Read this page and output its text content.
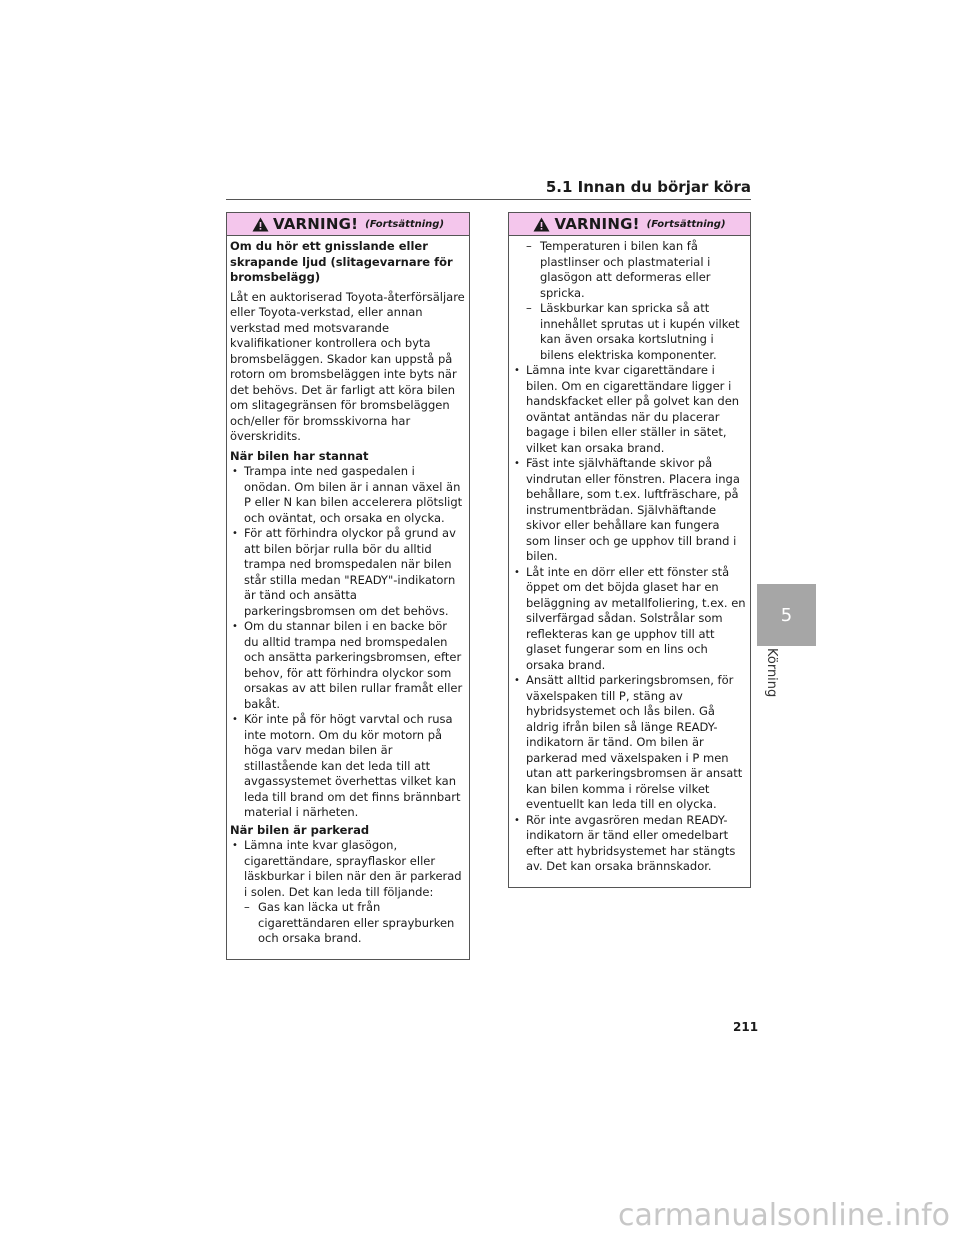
5.1 Innan du börjar köra
VARNING! (Fortsättning)

Om du hör ett gnisslande eller skrapande ljud (slitagevarnare för bromsbelägg)

Låt en auktoriserad Toyota-återförsäljare eller Toyota-verkstad, eller annan verkstad med motsvarande kvalifikationer kontrollera och byta bromsbeläggen. Skador kan uppstå på rotorn om bromsbeläggen inte byts när det behövs. Det är farligt att köra bilen om slitagegränsen för bromsbeläggen och/eller för bromsskivorna har överskridits.

När bilen har stannat
• Trampa inte ned gaspedalen i onödan. Om bilen är i annan växel än P eller N kan bilen accelerera plötsligt och oväntat, och orsaka en olycka.
• För att förhindra olyckor på grund av att bilen börjar rulla bör du alltid trampa ned bromspedalen när bilen står stilla medan "READY"-indikatorn är tänd och ansätta parkeringsbromsen om det behövs.
• Om du stannar bilen i en backe bör du alltid trampa ned bromspedalen och ansätta parkeringsbromsen, efter behov, för att förhindra olyckor som orsakas av att bilen rullar framåt eller bakåt.
• Kör inte på för högt varvtal och rusa inte motorn. Om du kör motorn på höga varv medan bilen är stillastående kan det leda till att avgassystemet överhettas vilket kan leda till brand om det finns brännbart material i närheten.
När bilen är parkerad
• Lämna inte kvar glasögon, cigarettändare, sprayflaskor eller läskburkar i bilen när den är parkerad i solen. Det kan leda till följande:
– Gas kan läcka ut från cigarettändaren eller sprayburken och orsaka brand.
VARNING! (Fortsättning)
– Temperaturen i bilen kan få plastlinser och plastmaterial i glasögon att deformeras eller spricka.
– Läskburkar kan spricka så att innehållet sprutas ut i kupén vilket kan även orsaka kortslutning i bilens elektriska komponenter.
• Lämna inte kvar cigarettändare i bilen. Om en cigarettändare ligger i handskfacket eller på golvet kan den oväntat antändas när du placerar bagage i bilen eller ställer in sätet, vilket kan orsaka brand.
• Fäst inte självhäftande skivor på vindrutan eller fönstren. Placera inga behållare, som t.ex. luftfräschare, på instrumentbrädan. Självhäftande skivor eller behållare kan fungera som linser och ge upphov till brand i bilen.
• Låt inte en dörr eller ett fönster stå öppet om det böjda glaset har en beläggning av metallfoliering, t.ex. en silverfärgad sådan. Solstrålar som reflekteras kan ge upphov till att glaset fungerar som en lins och orsaka brand.
• Ansätt alltid parkeringsbromsen, för växelspaken till P, stäng av hybridsystemet och lås bilen. Gå aldrig ifrån bilen så länge READY-indikatorn är tänd. Om bilen är parkerad med växelspaken i P men utan att parkeringsbromsen är ansatt kan bilen komma i rörelse vilket eventuellt kan leda till en olycka.
• Rör inte avgasrören medan READY-indikatorn är tänd eller omedelbart efter att hybridsystemet har stängts av. Det kan orsaka brännskador.
5
Körning
211
carmanualsonline.info
